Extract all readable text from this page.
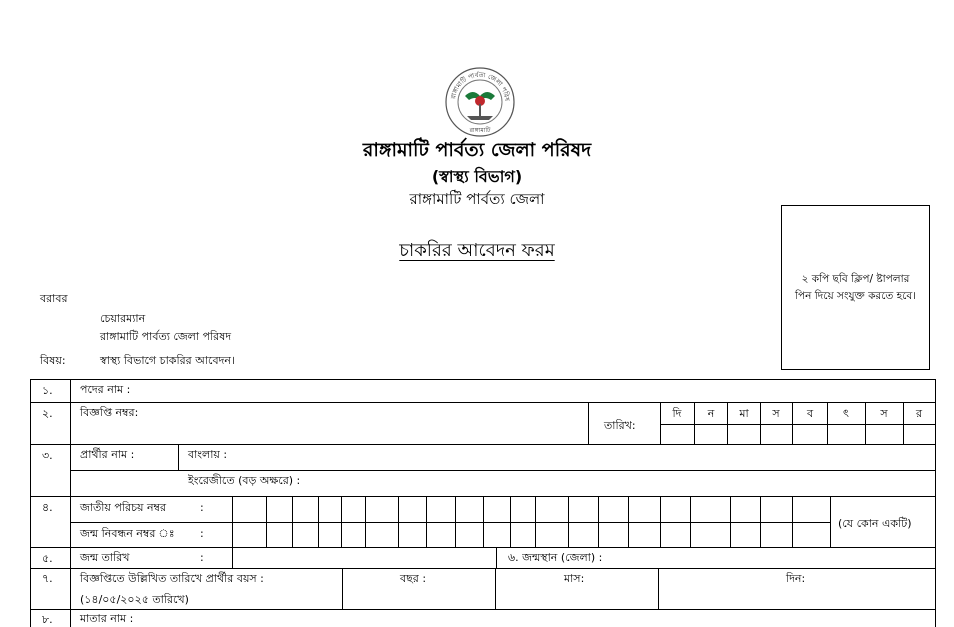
রাঙ্গামাটি পার্বত্য জেলা পরিষ
রাঙ্গামাটি
রাঙ্গামাটি পার্বত্য জেলা পরিষদ
(স্বাস্থ্য বিভাগ)
রাঙ্গামাটি পার্বত্য জেলা
চাকরির আবেদন ফরম
২ কপি ছবি ক্লিপ/ ষ্টাপলার পিন দিয়ে সংযুক্ত করতে হবে।
বরাবর
চেয়ারম্যান
রাঙ্গামাটি পার্বত্য জেলা পরিষদ
বিষয়:	স্বাস্থ্য বিভাগে চাকরির আবেদন।
১. পদের নাম :
২. বিজ্ঞপ্তি নম্বর:
তারিখ:
দি ন মা স ব	ৎ	স	র
৩. প্রার্থীর নাম :	বাংলায় :
ইংরেজীতে (বড় অক্ষরে) :
৪. জাতীয় পরিচয় নম্বর	:
জন্ম নিবন্ধন নম্বর ঃ :
(যে কোন একটি)
৫. জন্ম তারিখ	:	৬. জন্মস্থান (জেলা) :
৭. বিজ্ঞপ্তিতে উল্লিখিত তারিখে প্রার্থীর বয়স :
(১৪/০৫/২০২৫ তারিখে)
বছর :	মাস:	দিন:
৮. মাতার নাম :
